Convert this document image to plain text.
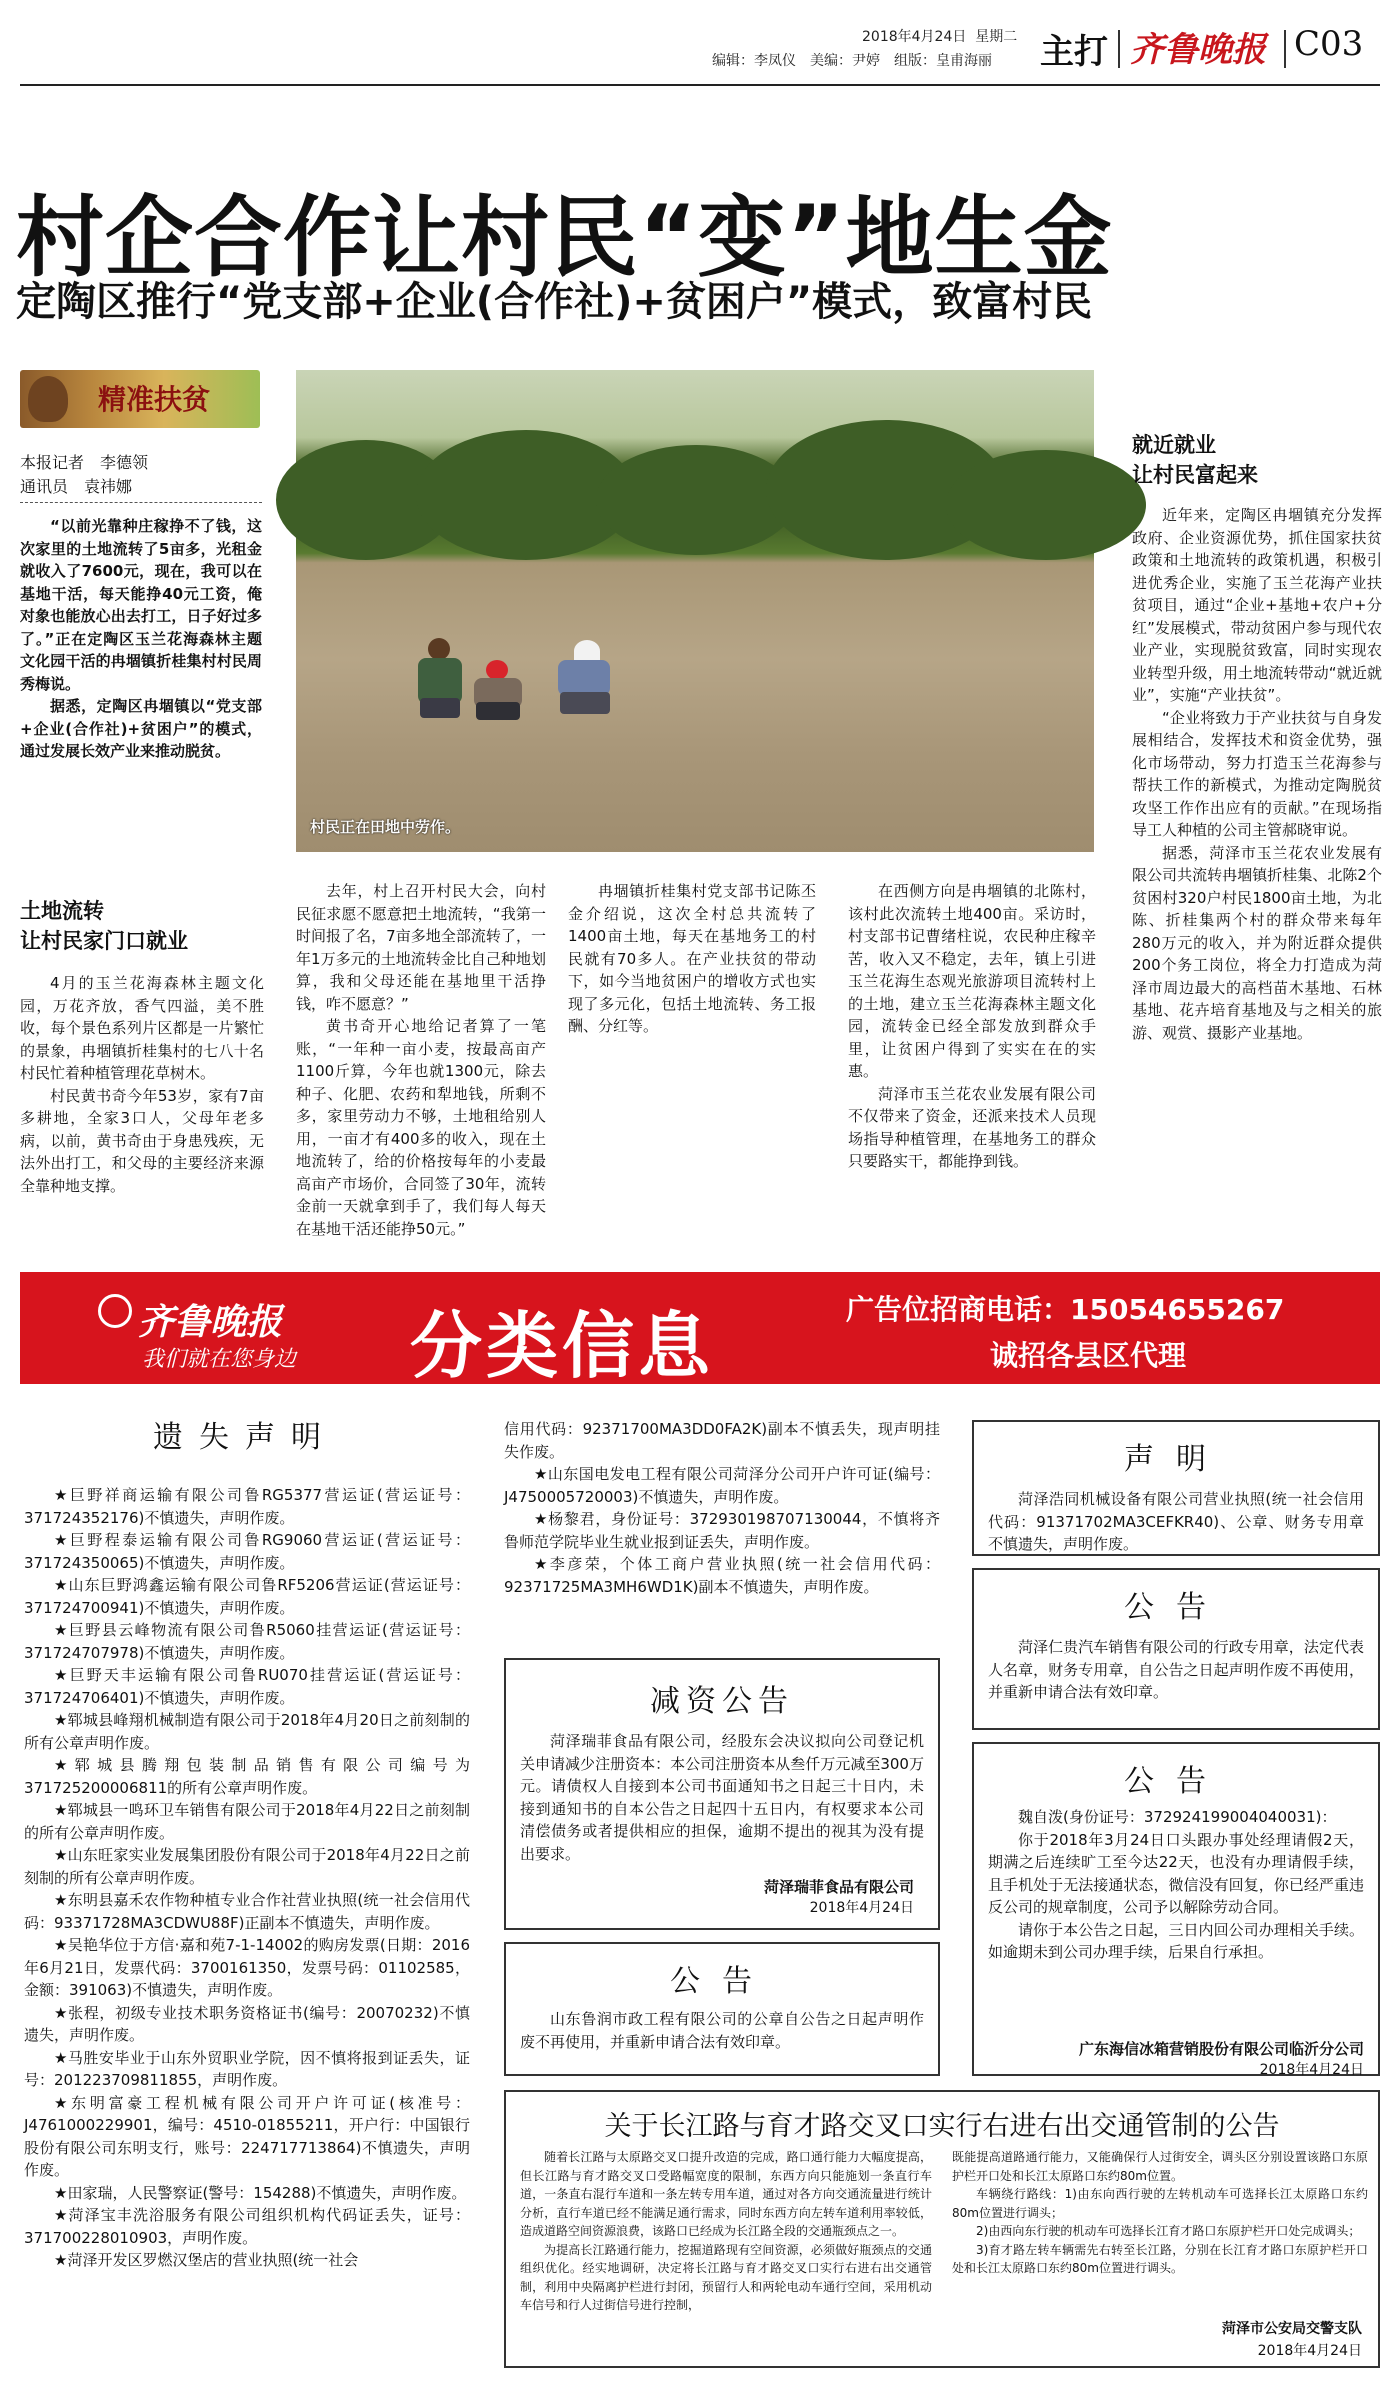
2018年4月24日 星期二
编辑：李凤仪　美编：尹婷　组版：皇甫海丽 主打 齐鲁晚报 C03
村企合作让村民“变”地生金
定陶区推行“党支部+企业(合作社)+贫困户”模式，致富村民
精准扶贫
本报记者　李德领
通讯员　袁祎娜

“以前光靠种庄稼挣不了钱，这次家里的土地流转了5亩多，光租金就收入了7600元，现在，我可以在基地干活，每天能挣40元工资，俺对象也能放心出去打工，日子好过多了。”正在定陶区玉兰花海森林主题文化园干活的冉堌镇折桂集村村民周秀梅说。

据悉，定陶区冉堌镇以“党支部+企业(合作社)+贫困户”的模式，通过发展长效产业来推动脱贫。

村民正在田地中劳作。
土地流转
让村民家门口就业

4月的玉兰花海森林主题文化园，万花齐放，香气四溢，美不胜收，每个景色系列片区都是一片繁忙的景象，冉堌镇折桂集村的七八十名村民忙着种植管理花草树木。

村民黄书奇今年53岁，家有7亩多耕地，全家3口人，父母年老多病，以前，黄书奇由于身患残疾，无法外出打工，和父母的主要经济来源全靠种地支撑。

去年，村上召开村民大会，向村民征求愿不愿意把土地流转，“我第一时间报了名，7亩多地全部流转了，一年1万多元的土地流转金比自己种地划算，我和父母还能在基地里干活挣钱，咋不愿意？”

黄书奇开心地给记者算了一笔账，“一年种一亩小麦，按最高亩产1100斤算，今年也就1300元，除去种子、化肥、农药和犁地钱，所剩不多，家里劳动力不够，土地租给别人用，一亩才有400多的收入，现在土地流转了，给的价格按每年的小麦最高亩产市场价，合同签了30年，流转金前一天就拿到手了，我们每人每天在基地干活还能挣50元。”

冉堌镇折桂集村党支部书记陈丕金介绍说，这次全村总共流转了1400亩土地，每天在基地务工的村民就有70多人。在产业扶贫的带动下，如今当地贫困户的增收方式也实现了多元化，包括土地流转、务工报酬、分红等。

在西侧方向是冉堌镇的北陈村，该村此次流转土地400亩。采访时，村支部书记曹绪柱说，农民种庄稼辛苦，收入又不稳定，去年，镇上引进玉兰花海生态观光旅游项目流转村上的土地，建立玉兰花海森林主题文化园，流转金已经全部发放到群众手里，让贫困户得到了实实在在的实惠。

菏泽市玉兰花农业发展有限公司不仅带来了资金，还派来技术人员现场指导种植管理，在基地务工的群众只要路实干，都能挣到钱。

就近就业
让村民富起来

近年来，定陶区冉堌镇充分发挥政府、企业资源优势，抓住国家扶贫政策和土地流转的政策机遇，积极引进优秀企业，实施了玉兰花海产业扶贫项目，通过“企业+基地+农户+分红”发展模式，带动贫困户参与现代农业产业，实现脱贫致富，同时实现农业转型升级，用土地流转带动“就近就业”，实施“产业扶贫”。

“企业将致力于产业扶贫与自身发展相结合，发挥技术和资金优势，强化市场带动，努力打造玉兰花海参与帮扶工作的新模式，为推动定陶脱贫攻坚工作作出应有的贡献。”在现场指导工人种植的公司主管郝晓审说。

据悉，菏泽市玉兰花农业发展有限公司共流转冉堌镇折桂集、北陈2个贫困村320户村民1800亩土地，为北陈、折桂集两个村的群众带来每年280万元的收入，并为附近群众提供200个务工岗位，将全力打造成为菏泽市周边最大的高档苗木基地、石林基地、花卉培育基地及与之相关的旅游、观赏、摄影产业基地。

齐鲁晚报
我们就在您身边 分类信息	广告位招商电话：15054655267
诚招各县区代理
遗失声明

★巨野祥商运输有限公司鲁RG5377营运证(营运证号：371724352176)不慎遗失，声明作废。

★巨野程泰运输有限公司鲁RG9060营运证(营运证号：371724350065)不慎遗失，声明作废。

★山东巨野鸿鑫运输有限公司鲁RF5206营运证(营运证号：371724700941)不慎遗失，声明作废。

★巨野县云峰物流有限公司鲁R5060挂营运证(营运证号：371724707978)不慎遗失，声明作废。

★巨野天丰运输有限公司鲁RU070挂营运证(营运证号：371724706401)不慎遗失，声明作废。

★郓城县峰翔机械制造有限公司于2018年4月20日之前刻制的所有公章声明作废。

★郓城县腾翔包装制品销售有限公司编号为371725200006811的所有公章声明作废。

★郓城县一鸣环卫车销售有限公司于2018年4月22日之前刻制的所有公章声明作废。

★山东旺家实业发展集团股份有限公司于2018年4月22日之前刻制的所有公章声明作废。

★东明县嘉禾农作物种植专业合作社营业执照(统一社会信用代码：93371728MA3CDWU88F)正副本不慎遗失，声明作废。

★吴艳华位于方信·嘉和苑7-1-14002的购房发票(日期：2016年6月21日，发票代码：3700161350，发票号码：01102585，金额：391063)不慎遗失，声明作废。

★张程，初级专业技术职务资格证书(编号：20070232)不慎遗失，声明作废。

★马胜安毕业于山东外贸职业学院，因不慎将报到证丢失，证号：201223709811855，声明作废。

★东明富豪工程机械有限公司开户许可证(核准号：J4761000229901，编号：4510-01855211，开户行：中国银行股份有限公司东明支行，账号：224717713864)不慎遗失，声明作废。

★田家瑞，人民警察证(警号：154288)不慎遗失，声明作废。

★菏泽宝丰洗浴服务有限公司组织机构代码证丢失，证号：371700228010903，声明作废。

★菏泽开发区罗燃汉堡店的营业执照(统一社会

信用代码：92371700MA3DD0FA2K)副本不慎丢失，现声明挂失作废。

★山东国电发电工程有限公司菏泽分公司开户许可证(编号：J4750005720003)不慎遗失，声明作废。

★杨黎君，身份证号：372930198707130044，不慎将齐鲁师范学院毕业生就业报到证丢失，声明作废。

★李彦荣，个体工商户营业执照(统一社会信用代码：92371725MA3MH6WD1K)副本不慎遗失，声明作废。

减资公告

菏泽瑞菲食品有限公司，经股东会决议拟向公司登记机关申请减少注册资本：本公司注册资本从叁仟万元减至300万元。请债权人自接到本公司书面通知书之日起三十日内，未接到通知书的自本公告之日起四十五日内，有权要求本公司清偿债务或者提供相应的担保，逾期不提出的视其为没有提出要求。

菏泽瑞菲食品有限公司
2018年4月24日
公告

山东鲁润市政工程有限公司的公章自公告之日起声明作废不再使用，并重新申请合法有效印章。

声明

菏泽浩同机械设备有限公司营业执照(统一社会信用代码：91371702MA3CEFKR40)、公章、财务专用章不慎遗失，声明作废。

公告

菏泽仁贵汽车销售有限公司的行政专用章，法定代表人名章，财务专用章，自公告之日起声明作废不再使用，并重新申请合法有效印章。

公告

魏自泼(身份证号：372924199004040031)：

你于2018年3月24日口头跟办事处经理请假2天，期满之后连续旷工至今达22天，也没有办理请假手续，且手机处于无法接通状态，微信没有回复，你已经严重违反公司的规章制度，公司予以解除劳动合同。

请你于本公告之日起，三日内回公司办理相关手续。如逾期未到公司办理手续，后果自行承担。

广东海信冰箱营销股份有限公司临沂分公司
2018年4月24日
关于长江路与育才路交叉口实行右进右出交通管制的公告

随着长江路与太原路交叉口提升改造的完成，路口通行能力大幅度提高，但长江路与育才路交叉口受路幅宽度的限制，东西方向只能施划一条直行车道，一条直右混行车道和一条左转专用车道，通过对各方向交通流量进行统计分析，直行车道已经不能满足通行需求，同时东西方向左转车道利用率较低，造成道路空间资源浪费，该路口已经成为长江路全段的交通瓶颈点之一。

为提高长江路通行能力，挖掘道路现有空间资源，必须做好瓶颈点的交通组织优化。经实地调研，决定将长江路与育才路交叉口实行右进右出交通管制，利用中央隔离护栏进行封闭，预留行人和两轮电动车通行空间，采用机动车信号和行人过街信号进行控制，

既能提高道路通行能力，又能确保行人过街安全，调头区分别设置该路口东原护栏开口处和长江太原路口东约80m位置。

车辆绕行路线：1)由东向西行驶的左转机动车可选择长江太原路口东约80m位置进行调头；

2)由西向东行驶的机动车可选择长江育才路口东原护栏开口处完成调头；

3)育才路左转车辆需先右转至长江路，分别在长江育才路口东原护栏开口处和长江太原路口东约80m位置进行调头。

菏泽市公安局交警支队
2018年4月24日
